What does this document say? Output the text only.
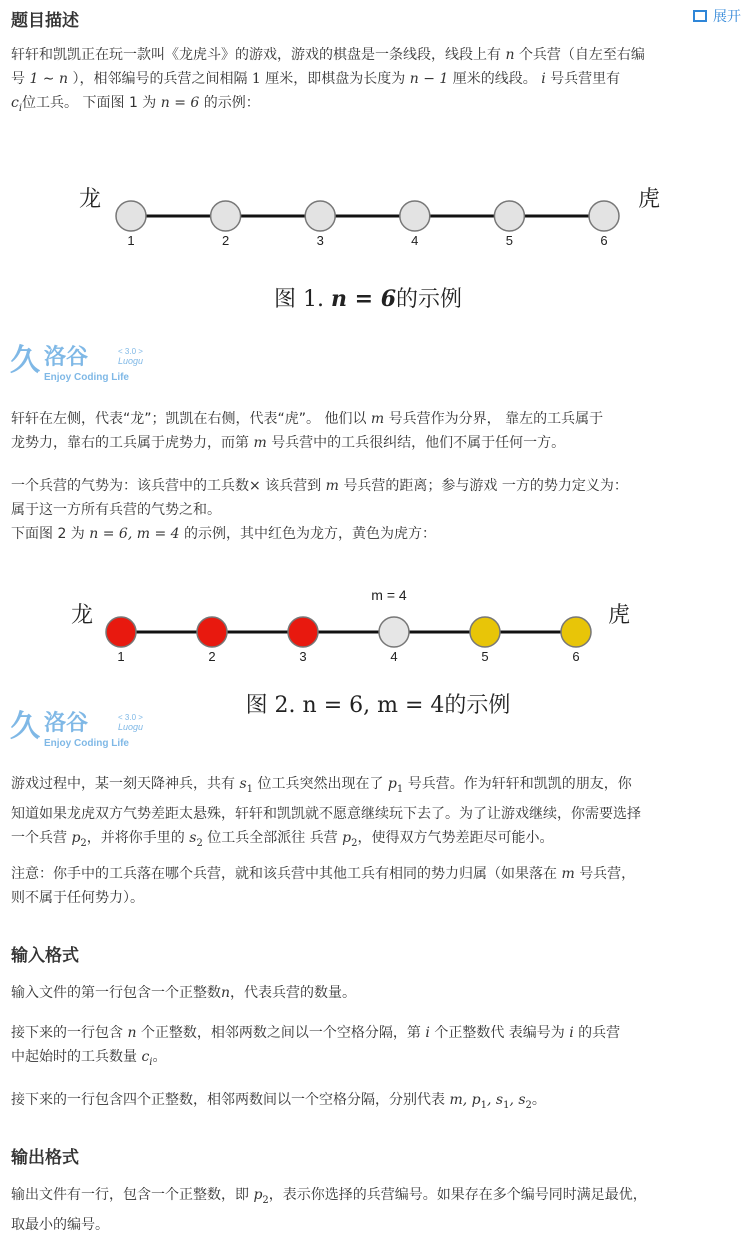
题目描述	展开
轩轩和凯凯正在玩一款叫《龙虎斗》的游戏，游戏的棋盘是一条线段，线段上有 n 个兵营（自左至右编
号 1 ∼ n ），相邻编号的兵营之间相隔 1 厘米，即棋盘为长度为 n − 1 厘米的线段。 i 号兵营里有
$c_i$位工兵。 下面图 1 为 n = 6 的示例：
龙	虎
1	2	3	4	5	6
图 1. n = 6的示例
久 洛谷	< 3.0 >
Luogu
Enjoy Coding Life
轩轩在左侧，代表“龙”；凯凯在右侧，代表“虎”。 他们以 m 号兵营作为分界， 靠左的工兵属于
龙势力，靠右的工兵属于虎势力，而第 m 号兵营中的工兵很纠结，他们不属于任何一方。
一个兵营的气势为：该兵营中的工兵数× 该兵营到 m 号兵营的距离；参与游戏 一方的势力定义为：
属于这一方所有兵营的气势之和。
下面图 2 为 n = 6, m = 4 的示例，其中红色为龙方，黄色为虎方：
龙	虎
m = 4
1	2	3	4	5	6
图 2. n = 6, m = 4的示例
久 洛谷	< 3.0 >
Luogu
Enjoy Coding Life
游戏过程中，某一刻天降神兵，共有 $s_1$ 位工兵突然出现在了 $p_1$ 号兵营。作为轩轩和凯凯的朋友，你
知道如果龙虎双方气势差距太悬殊，轩轩和凯凯就不愿意继续玩下去了。为了让游戏继续，你需要选择
一个兵营 $p_2$，并将你手里的 $s_2$ 位工兵全部派往 兵营 $p_2$，使得双方气势差距尽可能小。
注意：你手中的工兵落在哪个兵营，就和该兵营中其他工兵有相同的势力归属（如果落在 m 号兵营，
则不属于任何势力）。
输入格式
输入文件的第一行包含一个正整数n，代表兵营的数量。
接下来的一行包含 n 个正整数，相邻两数之间以一个空格分隔，第 i 个正整数代 表编号为 i 的兵营
中起始时的工兵数量 $c_i$。
接下来的一行包含四个正整数，相邻两数间以一个空格分隔，分别代表 m, $p_1$, $s_1$, $s_2$。
输出格式
输出文件有一行，包含一个正整数，即 $p_2$，表示你选择的兵营编号。如果存在多个编号同时满足最优，
取最小的编号。
